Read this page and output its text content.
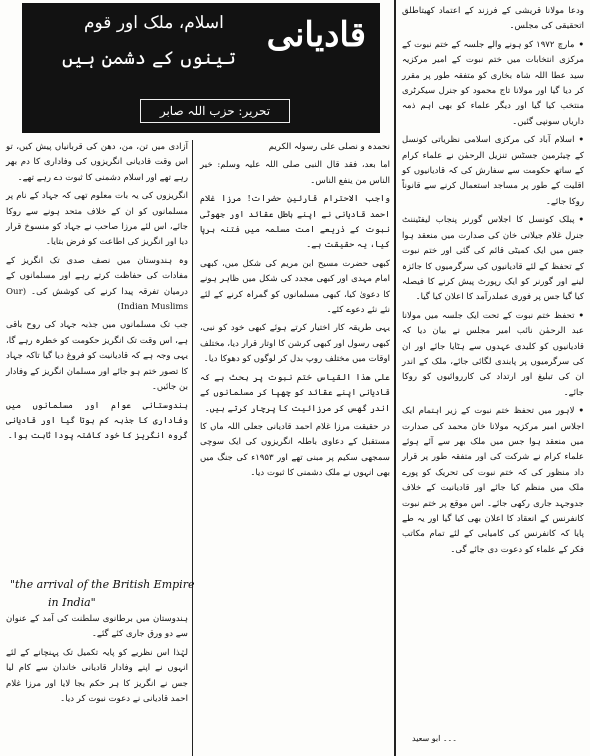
قادیانی
اسلام، ملک اور قوم
تینوں کے دشمن ہیں
تحریر: حزب اللہ صابر

ودعا مولانا قریشی کے فرزند کے اعتماد کھیتاطلق اتحقیقی کی مجلس۔

• مارچ ۱۹۷۲ کو ہونے والے جلسہ کے ختم نبوت کے مرکزی انتخابات میں ختم نبوت کے امیر مرکزیہ سید عطا اللہ شاہ بخاری کو متفقہ طور پر مقرر کر دیا گیا اور مولانا تاج محمود کو جنرل سیکرٹری منتخب کیا گیا اور دیگر علماء کو بھی اہم ذمہ داریاں سونپی گئیں۔

• اسلام آباد کی مرکزی اسلامی نظریاتی کونسل کے چیئرمین جسٹس تنزیل الرحمٰن نے علماء کرام کے ساتھ حکومت سے سفارش کی کہ قادیانیوں کو اقلیت کے طور پر مساجد استعمال کرنے سے قانوناً روکا جائے۔

• پبلک کونسل کا اجلاس گورنر پنجاب لیفٹیننٹ جنرل غلام جیلانی خان کی صدارت میں منعقد ہوا جس میں ایک کمیٹی قائم کی گئی اور ختم نبوت کے تحفظ کے لئے قادیانیوں کی سرگرمیوں کا جائزہ لینے اور گورنر کو ایک رپورٹ پیش کرنے کا فیصلہ کیا گیا جس پر فوری عملدرآمد کا اعلان کیا گیا۔

• تحفظ ختم نبوت کے تحت ایک جلسہ میں مولانا عبد الرحمٰن نائب امیر مجلس نے بیان دیا کہ قادیانیوں کو کلیدی عہدوں سے ہٹایا جائے اور ان کی سرگرمیوں پر پابندی لگائی جائے، ملک کے اندر ان کی تبلیغ اور ارتداد کی کارروائیوں کو روکا جائے۔

• لاہور میں تحفظ ختم نبوت کے زیر اہتمام ایک اجلاس امیر مرکزیہ مولانا خان محمد کی صدارت میں منعقد ہوا جس میں ملک بھر سے آئے ہوئے علماء کرام نے شرکت کی اور متفقہ طور پر قرار داد منظور کی کہ ختم نبوت کی تحریک کو پورے ملک میں منظم کیا جائے اور قادیانیت کے خلاف جدوجہد جاری رکھی جائے۔ اس موقع پر ختم نبوت کانفرنس کے انعقاد کا اعلان بھی کیا گیا اور یہ طے پایا کہ کانفرنس کی کامیابی کے لئے تمام مکاتب فکر کے علماء کو دعوت دی جائے گی۔

۔۔۔ ابو سعید

نحمدہ و نصلی علی رسولہ الکریم

اما بعد، فقد قال النبی صلی اللہ علیہ وسلم: خیر الناس من ینفع الناس۔

واجب الاحترام قارئین حضرات! مرزا غلام احمد قادیانی نے اپنے باطل عقائد اور جھوٹی نبوت کے ذریعے امت مسلمہ میں فتنہ برپا کیا، یہ حقیقت ہے۔

کبھی حضرت مسیح ابن مریم کی شکل میں، کبھی امام مہدی اور کبھی مجدد کی شکل میں ظاہر ہونے کا دعویٰ کیا، کبھی مسلمانوں کو گمراہ کرنے کے لئے نئے نئے دعوے کئے۔

یہی طریقہ کار اختیار کرتے ہوئے کبھی خود کو نبی، کبھی رسول اور کبھی کرشن کا اوتار قرار دیا، مختلف اوقات میں مختلف روپ بدل کر لوگوں کو دھوکا دیا۔

علی ھذا القیاس ختم نبوت پر بحث ہے کہ قادیانی اپنے عقائد کو چھپا کر مسلمانوں کے اندر گھس کر مرزائیت کا پرچار کرتے ہیں۔

در حقیقت مرزا غلام احمد قادیانی جعلی اللہ ماں کا مستقبل کے دعاوی باطلہ انگریزوں کی ایک سوچی سمجھی سکیم پر مبنی تھے اور ۱۹۵۳ء کی جنگ میں بھی انہوں نے ملک دشمنی کا ثبوت دیا۔

آزادی میں تن، من، دھن کی قربانیاں پیش کیں، تو اس وقت قادیانی انگریزوں کی وفاداری کا دم بھر رہے تھے اور اسلام دشمنی کا ثبوت دے رہے تھے۔

انگریزوں کی یہ بات معلوم تھی کہ جہاد کے نام پر مسلمانوں کو ان کے خلاف متحد ہونے سے روکا جائے، اس لئے مرزا صاحب نے جہاد کو منسوخ قرار دیا اور انگریز کی اطاعت کو فرض بتایا۔

وہ ہندوستان میں نصف صدی تک انگریز کے مفادات کی حفاظت کرتے رہے اور مسلمانوں کے درمیان تفرقہ پیدا کرنے کی کوشش کی۔ (Our Indian Muslims)

جب تک مسلمانوں میں جذبہ جہاد کی روح باقی ہے، اس وقت تک انگریز حکومت کو خطرہ رہے گا، یہی وجہ ہے کہ قادیانیت کو فروغ دیا گیا تاکہ جہاد کا تصور ختم ہو جائے اور مسلمان انگریز کے وفادار بن جائیں۔

ہندوستانی عوام اور مسلمانوں میں وفاداری کا جذبہ کم ہوتا گیا اور قادیانی گروہ انگریز کا خود کاشتہ پودا ثابت ہوا۔

"the arrival of the British Empire
in India"

ہندوستان میں برطانوی سلطنت کی آمد کے عنوان سے دو ورق جاری کئے گئے۔

لہٰذا اس نظریے کو پایہ تکمیل تک پہنچانے کے لئے انہوں نے اپنے وفادار قادیانی خاندان سے کام لیا جس نے انگریز کا ہر حکم بجا لایا اور مرزا غلام احمد قادیانی نے دعوت نبوت کر دیا۔
